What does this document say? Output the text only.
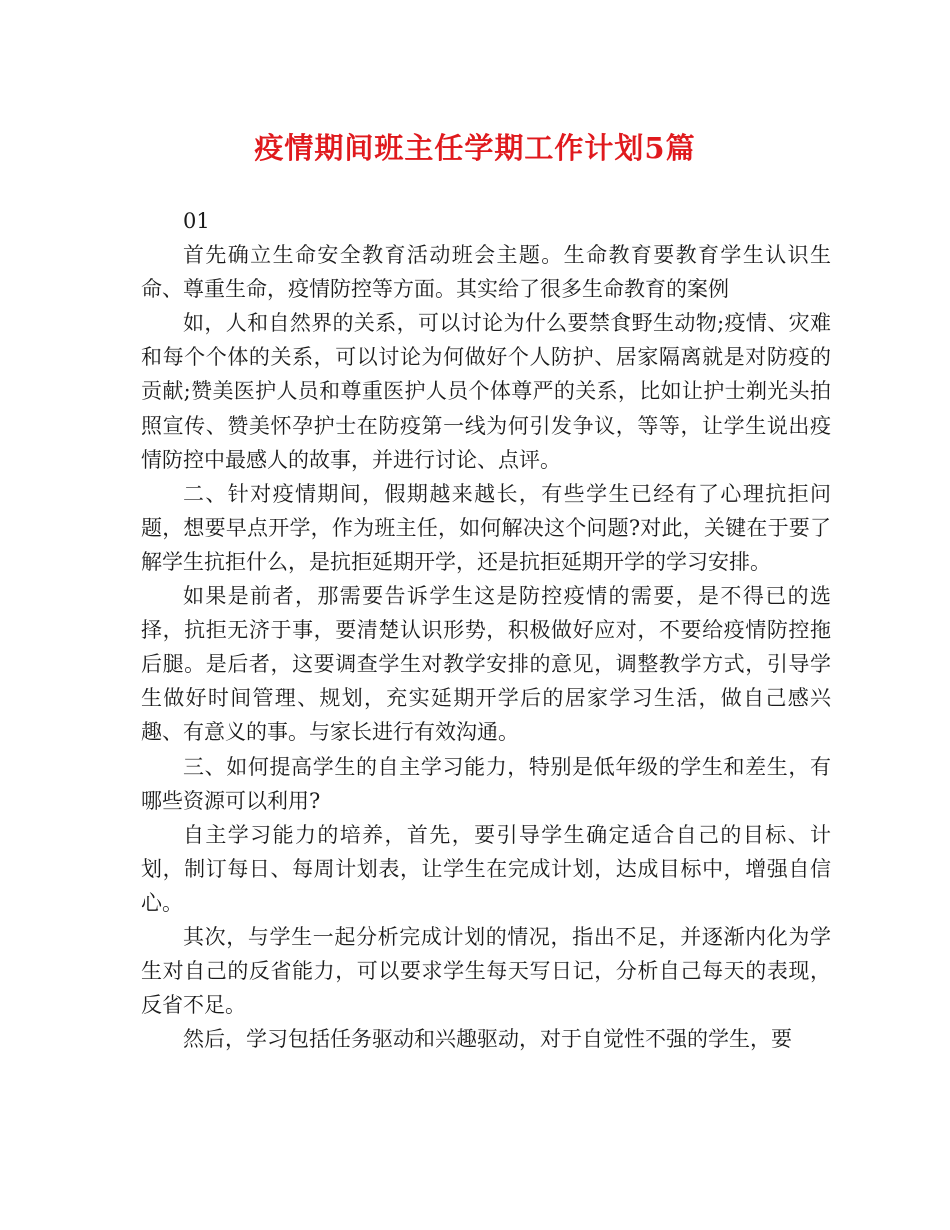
疫情期间班主任学期工作计划5篇

01

首先确立生命安全教育活动班会主题。生命教育要教育学生认识生命、尊重生命，疫情防控等方面。其实给了很多生命教育的案例

如，人和自然界的关系，可以讨论为什么要禁食野生动物;疫情、灾难和每个个体的关系，可以讨论为何做好个人防护、居家隔离就是对防疫的贡献;赞美医护人员和尊重医护人员个体尊严的关系，比如让护士剃光头拍照宣传、赞美怀孕护士在防疫第一线为何引发争议，等等，让学生说出疫情防控中最感人的故事，并进行讨论、点评。

二、针对疫情期间，假期越来越长，有些学生已经有了心理抗拒问题，想要早点开学，作为班主任，如何解决这个问题?对此，关键在于要了解学生抗拒什么，是抗拒延期开学，还是抗拒延期开学的学习安排。

如果是前者，那需要告诉学生这是防控疫情的需要，是不得已的选择，抗拒无济于事，要清楚认识形势，积极做好应对，不要给疫情防控拖后腿。是后者，这要调查学生对教学安排的意见，调整教学方式，引导学生做好时间管理、规划，充实延期开学后的居家学习生活，做自己感兴趣、有意义的事。与家长进行有效沟通。

三、如何提高学生的自主学习能力，特别是低年级的学生和差生，有哪些资源可以利用?

自主学习能力的培养，首先，要引导学生确定适合自己的目标、计划，制订每日、每周计划表，让学生在完成计划，达成目标中，增强自信心。

其次，与学生一起分析完成计划的情况，指出不足，并逐渐内化为学生对自己的反省能力，可以要求学生每天写日记，分析自己每天的表现，反省不足。

然后，学习包括任务驱动和兴趣驱动，对于自觉性不强的学生，要
